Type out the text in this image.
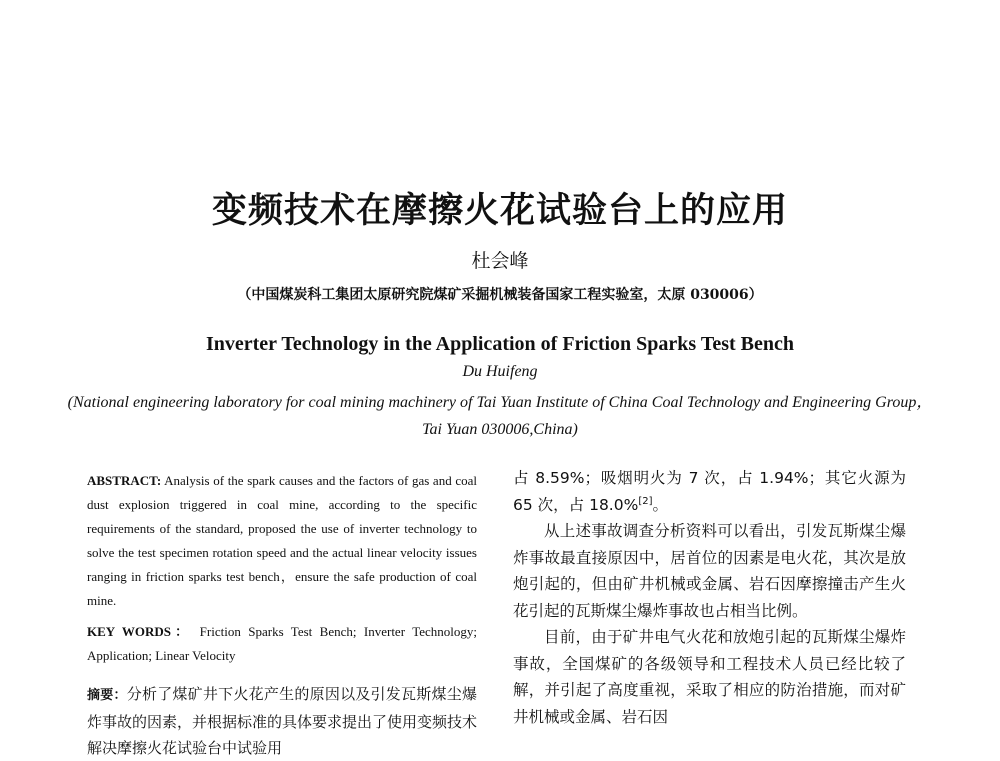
变频技术在摩擦火花试验台上的应用
杜会峰
（中国煤炭科工集团太原研究院煤矿采掘机械装备国家工程实验室，太原 030006）
Inverter Technology in the Application of Friction Sparks Test Bench
Du Huifeng
(National engineering laboratory for coal mining machinery of Tai Yuan Institute of China Coal Technology and Engineering Group，Tai Yuan 030006,China)

ABSTRACT: Analysis of the spark causes and the factors of gas and coal dust explosion triggered in coal mine, according to the specific requirements of the standard, proposed the use of inverter technology to solve the test specimen rotation speed and the actual linear velocity issues ranging in friction sparks test bench，ensure the safe production of coal mine.

KEY WORDS： Friction Sparks Test Bench; Inverter Technology; Application; Linear Velocity

摘要：分析了煤矿井下火花产生的原因以及引发瓦斯煤尘爆炸事故的因素，并根据标准的具体要求提出了使用变频技术解决摩擦火花试验台中试验用

占 8.59%；吸烟明火为 7 次，占 1.94%；其它火源为 65 次，占 18.0%[2]。

从上述事故调查分析资料可以看出，引发瓦斯煤尘爆炸事故最直接原因中，居首位的因素是电火花，其次是放炮引起的，但由矿井机械或金属、岩石因摩擦撞击产生火花引起的瓦斯煤尘爆炸事故也占相当比例。

目前，由于矿井电气火花和放炮引起的瓦斯煤尘爆炸事故，全国煤矿的各级领导和工程技术人员已经比较了解，并引起了高度重视，采取了相应的防治措施，而对矿井机械或金属、岩石因
